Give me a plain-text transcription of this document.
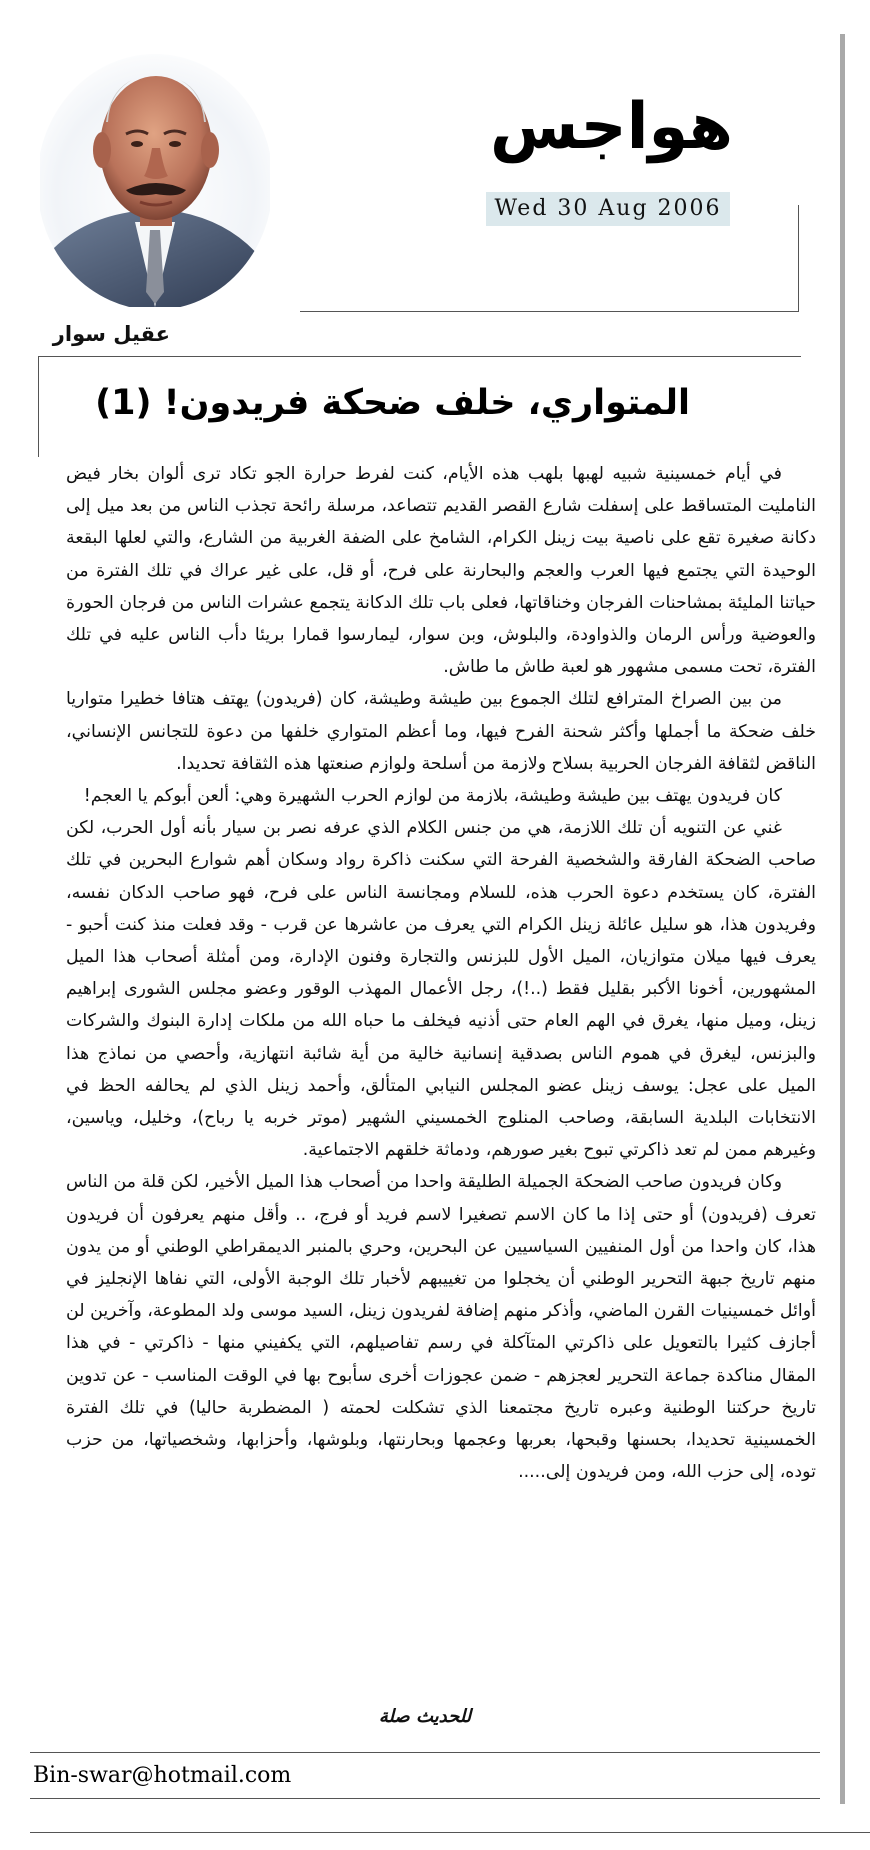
هواجس
Wed 30 Aug 2006
عقيل سوار
المتواري، خلف ضحكة فريدون! (1)

في أيام خمسينية شبيه لهبها بلهب هذه الأيام، كنت لفرط حرارة الجو تكاد ترى ألوان بخار فيض النامليت المتساقط على إسفلت شارع القصر القديم تتصاعد، مرسلة رائحة تجذب الناس من بعد ميل إلى دكانة صغيرة تقع على ناصية بيت زينل الكرام، الشامخ على الضفة الغربية من الشارع، والتي لعلها البقعة الوحيدة التي يجتمع فيها العرب والعجم والبحارنة على فرح، أو قل، على غير عراك في تلك الفترة من حياتنا المليئة بمشاحنات الفرجان وخناقاتها، فعلى باب تلك الدكانة يتجمع عشرات الناس من فرجان الحورة والعوضية ورأس الرمان والذواودة، والبلوش، وبن سوار، ليمارسوا قمارا بريئا دأب الناس عليه في تلك الفترة، تحت مسمى مشهور هو لعبة طاش ما طاش.

من بين الصراخ المترافع لتلك الجموع بين طيشة وطيشة، كان (فريدون) يهتف هتافا خطيرا متواريا خلف ضحكة ما أجملها وأكثر شحنة الفرح فيها، وما أعظم المتواري خلفها من دعوة للتجانس الإنساني، الناقض لثقافة الفرجان الحربية بسلاح ولازمة من أسلحة ولوازم صنعتها هذه الثقافة تحديدا.

كان فريدون يهتف بين طيشة وطيشة، بلازمة من لوازم الحرب الشهيرة وهي: ألعن أبوكم يا العجم!

غني عن التنويه أن تلك اللازمة، هي من جنس الكلام الذي عرفه نصر بن سيار بأنه أول الحرب، لكن صاحب الضحكة الفارقة والشخصية الفرحة التي سكنت ذاكرة رواد وسكان أهم شوارع البحرين في تلك الفترة، كان يستخدم دعوة الحرب هذه، للسلام ومجانسة الناس على فرح، فهو صاحب الدكان نفسه، وفريدون هذا، هو سليل عائلة زينل الكرام التي يعرف من عاشرها عن قرب - وقد فعلت منذ كنت أحبو - يعرف فيها ميلان متوازيان، الميل الأول للبزنس والتجارة وفنون الإدارة، ومن أمثلة أصحاب هذا الميل المشهورين، أخونا الأكبر بقليل فقط (..!)، رجل الأعمال المهذب الوقور وعضو مجلس الشورى إبراهيم زينل، وميل منها، يغرق في الهم العام حتى أذنيه فيخلف ما حباه الله من ملكات إدارة البنوك والشركات والبزنس، ليغرق في هموم الناس بصدقية إنسانية خالية من أية شائبة انتهازية، وأحصي من نماذج هذا الميل على عجل: يوسف زينل عضو المجلس النيابي المتألق، وأحمد زينل الذي لم يحالفه الحظ في الانتخابات البلدية السابقة، وصاحب المنلوج الخمسيني الشهير (موتر خربه يا رباح)، وخليل، وياسين، وغيرهم ممن لم تعد ذاكرتي تبوح بغير صورهم، ودماثة خلقهم الاجتماعية.

وكان فريدون صاحب الضحكة الجميلة الطليقة واحدا من أصحاب هذا الميل الأخير، لكن قلة من الناس تعرف (فريدون) أو حتى إذا ما كان الاسم تصغيرا لاسم فريد أو فرج، .. وأقل منهم يعرفون أن فريدون هذا، كان واحدا من أول المنفيين السياسيين عن البحرين، وحري بالمنبر الديمقراطي الوطني أو من يدون منهم تاريخ جبهة التحرير الوطني أن يخجلوا من تغييبهم لأخبار تلك الوجبة الأولى، التي نفاها الإنجليز في أوائل خمسينيات القرن الماضي، وأذكر منهم إضافة لفريدون زينل، السيد موسى ولد المطوعة، وآخرين لن أجازف كثيرا بالتعويل على ذاكرتي المتآكلة في رسم تفاصيلهم، التي يكفيني منها - ذاكرتي - في هذا المقال مناكدة جماعة التحرير لعجزهم - ضمن عجوزات أخرى سأبوح بها في الوقت المناسب - عن تدوين تاريخ حركتنا الوطنية وعبره تاريخ مجتمعنا الذي تشكلت لحمته ( المضطربة حاليا) في تلك الفترة الخمسينية تحديدا، بحسنها وقبحها، بعربها وعجمها وبحارنتها، وبلوشها، وأحزابها، وشخصياتها، من حزب توده، إلى حزب الله، ومن فريدون إلى.....

للحديث صلة
Bin-swar@hotmail.com
